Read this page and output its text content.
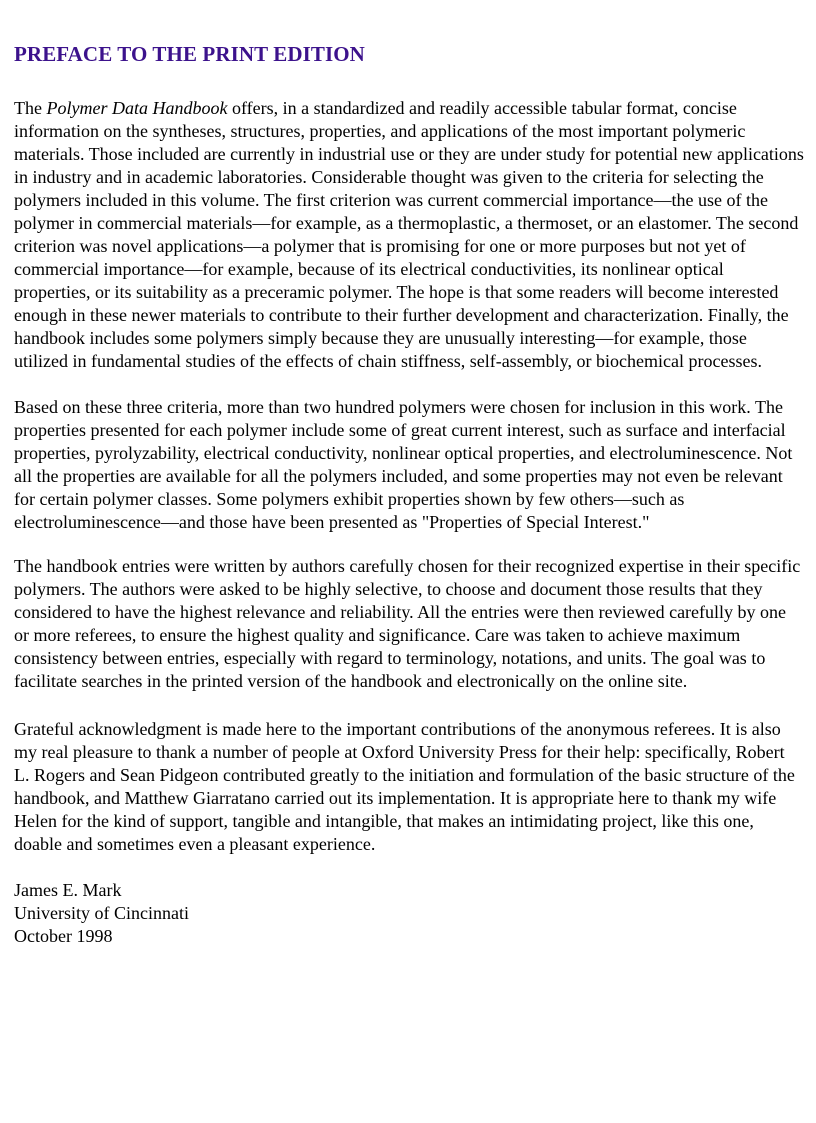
PREFACE TO THE PRINT EDITION

The Polymer Data Handbook offers, in a standardized and readily accessible tabular format, concise information on the syntheses, structures, properties, and applications of the most important polymeric materials. Those included are currently in industrial use or they are under study for potential new applications in industry and in academic laboratories. Considerable thought was given to the criteria for selecting the polymers included in this volume. The first criterion was current commercial importance—the use of the polymer in commercial materials—for example, as a thermoplastic, a thermoset, or an elastomer. The second criterion was novel applications—a polymer that is promising for one or more purposes but not yet of commercial importance—for example, because of its electrical conductivities, its nonlinear optical properties, or its suitability as a preceramic polymer. The hope is that some readers will become interested enough in these newer materials to contribute to their further development and characterization. Finally, the handbook includes some polymers simply because they are unusually interesting—for example, those utilized in fundamental studies of the effects of chain stiffness, self-assembly, or biochemical processes.

Based on these three criteria, more than two hundred polymers were chosen for inclusion in this work. The properties presented for each polymer include some of great current interest, such as surface and interfacial properties, pyrolyzability, electrical conductivity, nonlinear optical properties, and electroluminescence. Not all the properties are available for all the polymers included, and some properties may not even be relevant for certain polymer classes. Some polymers exhibit properties shown by few others—such as electroluminescence—and those have been presented as "Properties of Special Interest."

The handbook entries were written by authors carefully chosen for their recognized expertise in their specific polymers. The authors were asked to be highly selective, to choose and document those results that they considered to have the highest relevance and reliability. All the entries were then reviewed carefully by one or more referees, to ensure the highest quality and significance. Care was taken to achieve maximum consistency between entries, especially with regard to terminology, notations, and units. The goal was to facilitate searches in the printed version of the handbook and electronically on the online site.

Grateful acknowledgment is made here to the important contributions of the anonymous referees. It is also my real pleasure to thank a number of people at Oxford University Press for their help: specifically, Robert L. Rogers and Sean Pidgeon contributed greatly to the initiation and formulation of the basic structure of the handbook, and Matthew Giarratano carried out its implementation. It is appropriate here to thank my wife Helen for the kind of support, tangible and intangible, that makes an intimidating project, like this one, doable and sometimes even a pleasant experience.

James E. Mark
University of Cincinnati
October 1998
